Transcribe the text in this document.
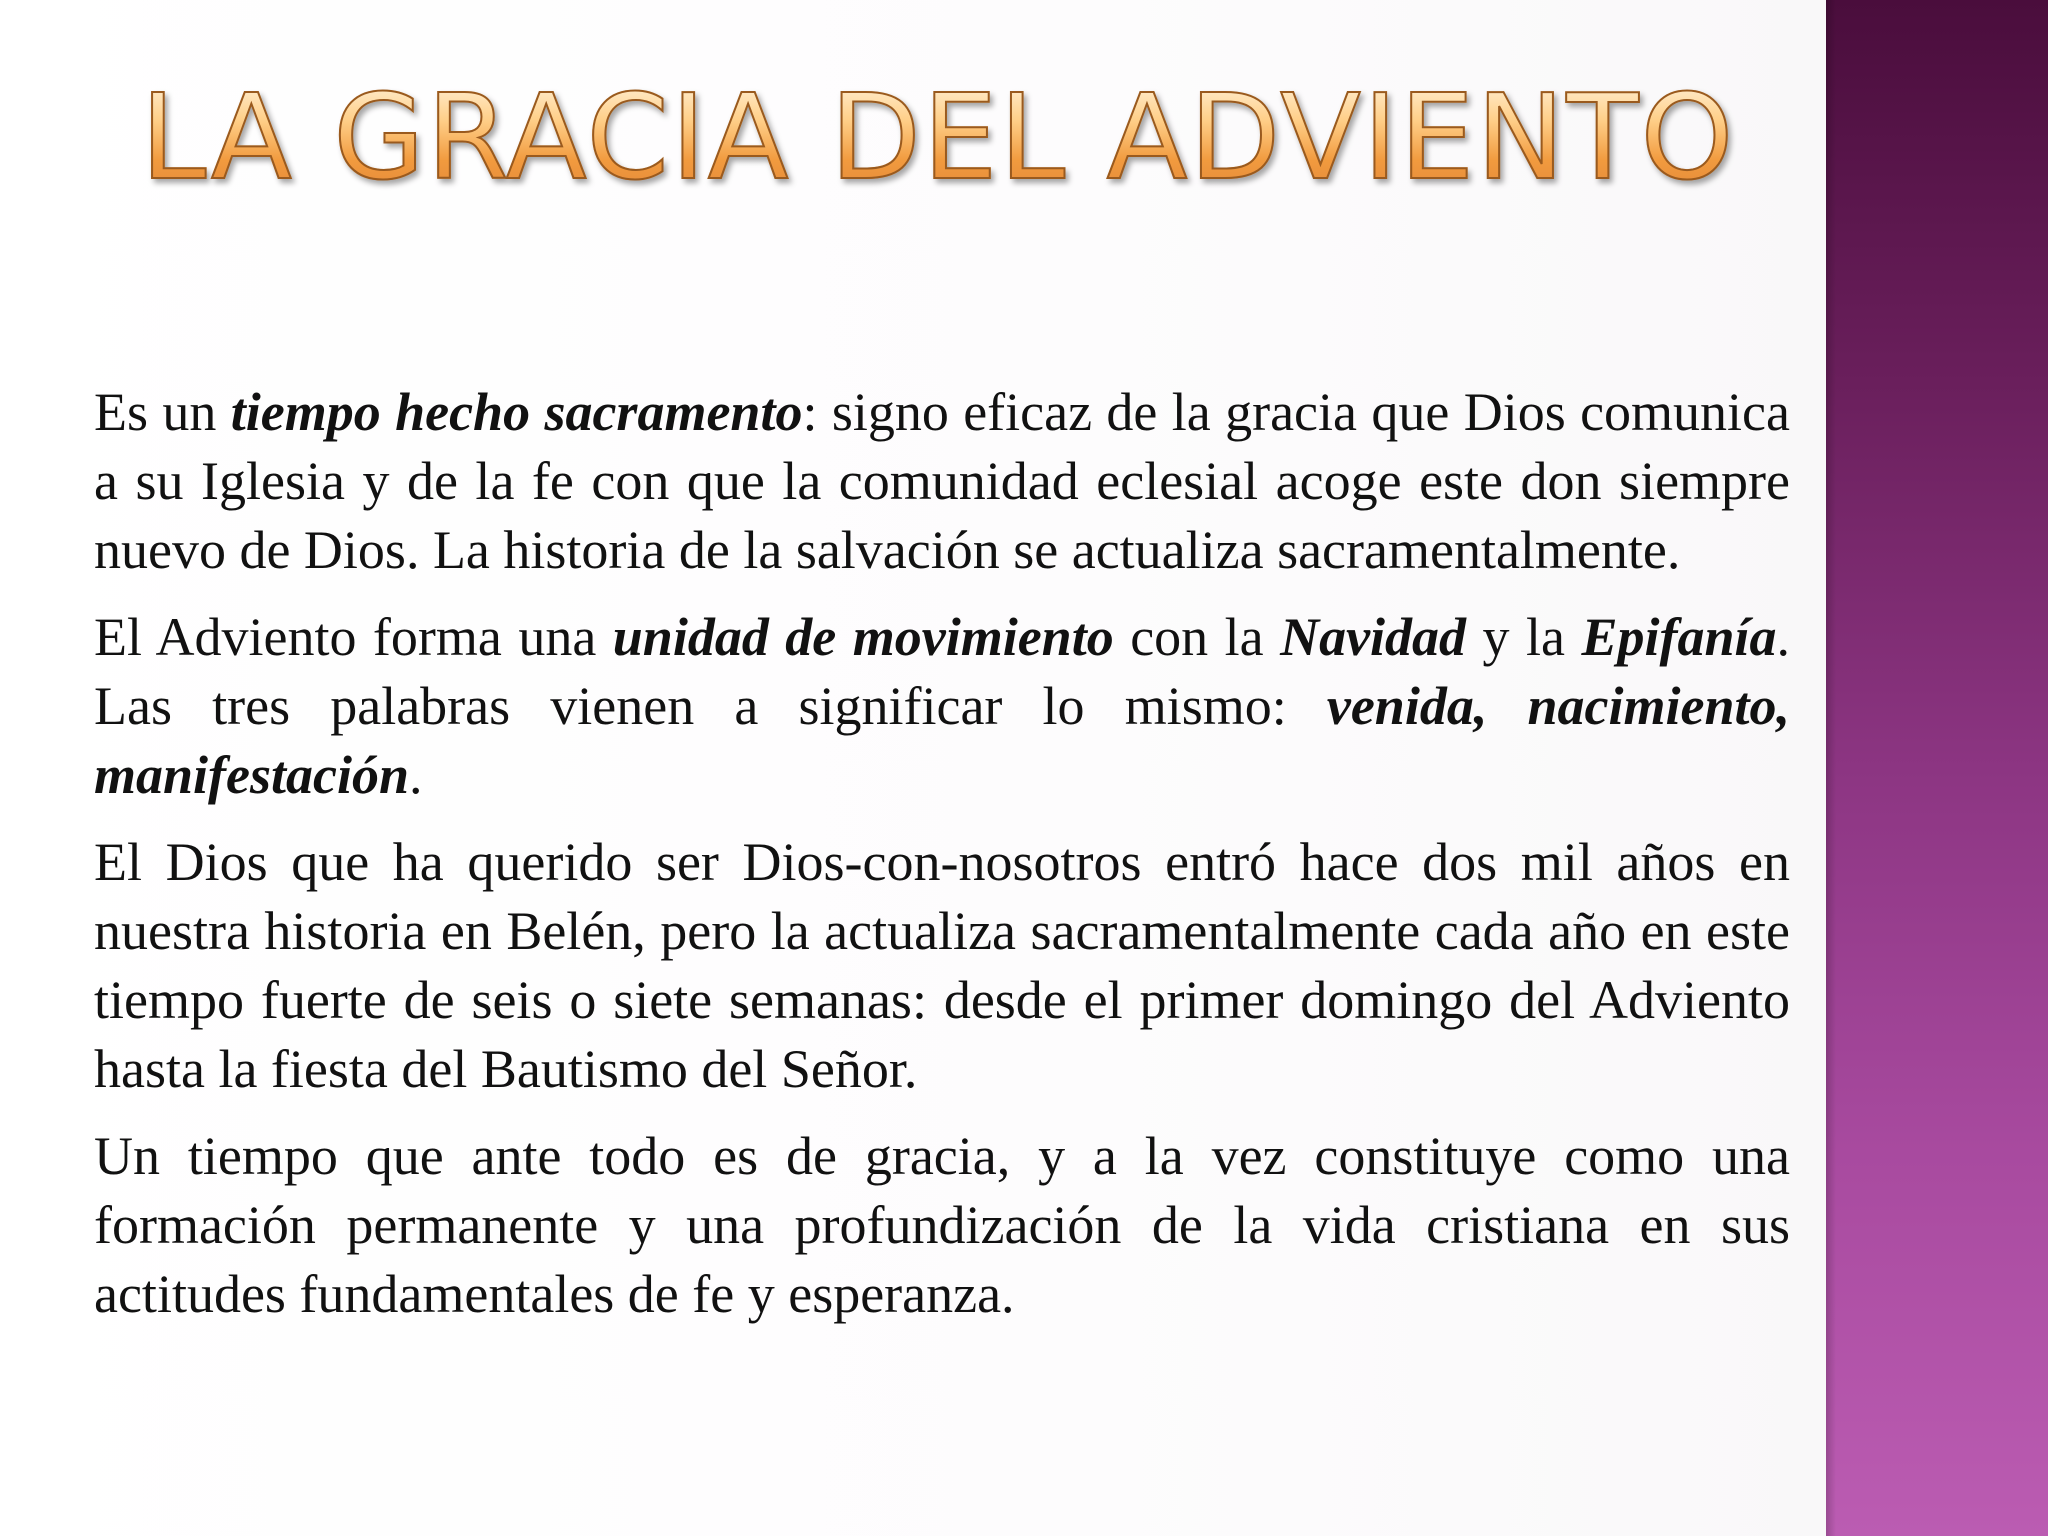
LA GRACIA DEL ADVIENTO

Es un tiempo hecho sacramento: signo eficaz de la gracia que Dios comunica a su Iglesia y de la fe con que la comunidad eclesial acoge este don siempre nuevo de Dios. La historia de la salvación se actualiza sacramentalmente.

El Adviento forma una unidad de movimiento con la Navidad y la Epifanía. Las tres palabras vienen a significar lo mismo: venida, nacimiento, manifestación.

El Dios que ha querido ser Dios-con-nosotros entró hace dos mil años en nuestra historia en Belén, pero la actualiza sacramentalmente cada año en este tiempo fuerte de seis o siete semanas: desde el primer domingo del Adviento hasta la fiesta del Bautismo del Señor.

Un tiempo que ante todo es de gracia, y a la vez constituye como una formación permanente y una profundización de la vida cristiana en sus actitudes fundamentales de fe y esperanza.
